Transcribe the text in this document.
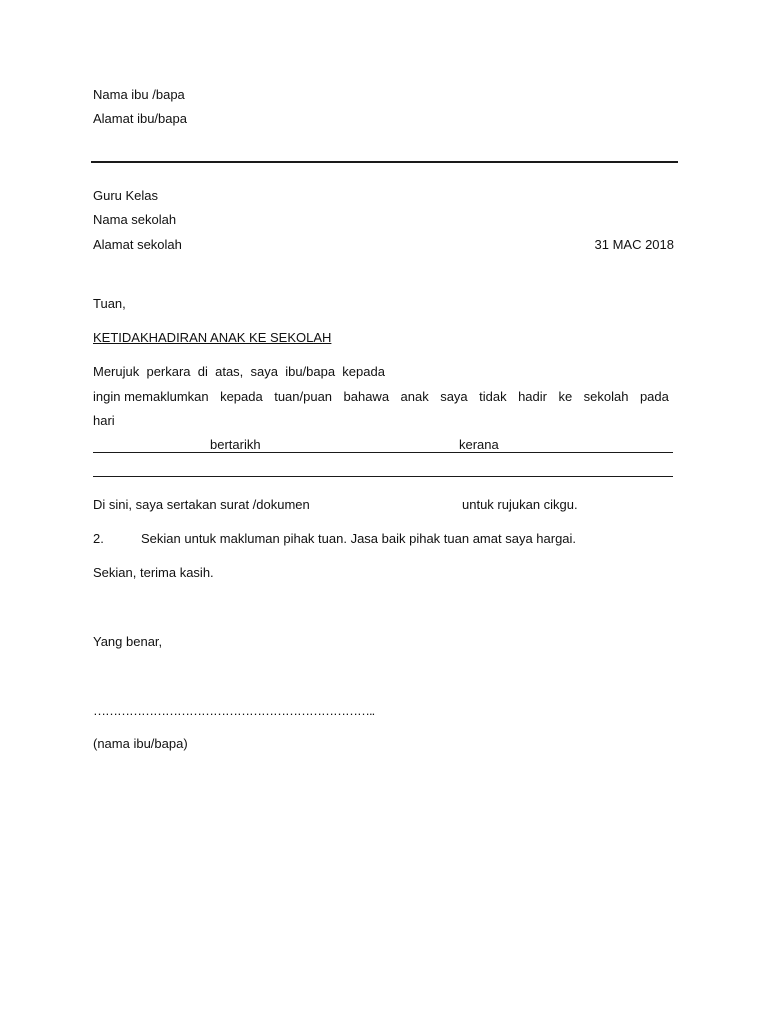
Nama ibu /bapa
Alamat ibu/bapa
Guru Kelas
Nama sekolah
Alamat sekolah	31 MAC 2018
Tuan,
KETIDAKHADIRAN ANAK KE SEKOLAH
Merujuk  perkara  di  atas,  saya  ibu/bapa  kepada
ingin memaklumkan kepada tuan/puan bahawa anak saya tidak hadir ke sekolah pada
hari
bertarikh	kerana
Di sini, saya sertakan surat /dokumen	untuk rujukan cikgu.
2.	Sekian untuk makluman pihak tuan. Jasa baik pihak tuan amat saya hargai.
Sekian, terima kasih.
Yang benar,
……………………………………………………………..
(nama ibu/bapa)
